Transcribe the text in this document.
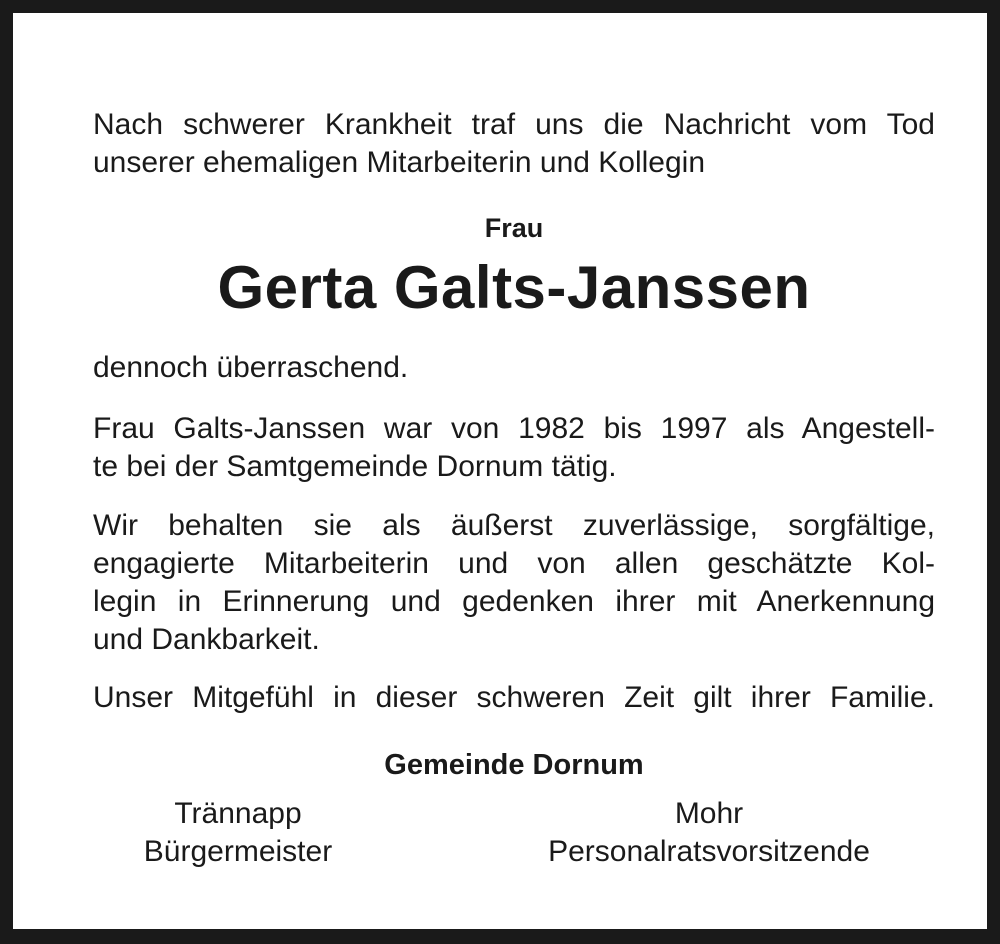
Nach schwerer Krankheit traf uns die Nachricht vom Tod

unserer ehemaligen Mitarbeiterin und Kollegin

Frau

Gerta Galts-Janssen

dennoch überraschend.

Frau Galts-Janssen war von 1982 bis 1997 als Angestell-

te bei der Samtgemeinde Dornum tätig.

Wir behalten sie als äußerst zuverlässige, sorgfältige,

engagierte Mitarbeiterin und von allen geschätzte Kol-

legin in Erinnerung und gedenken ihrer mit Anerkennung

und Dankbarkeit.

Unser Mitgefühl in dieser schweren Zeit gilt ihrer Familie.

Gemeinde Dornum

Trännapp
Bürgermeister
Mohr
Personalratsvorsitzende
